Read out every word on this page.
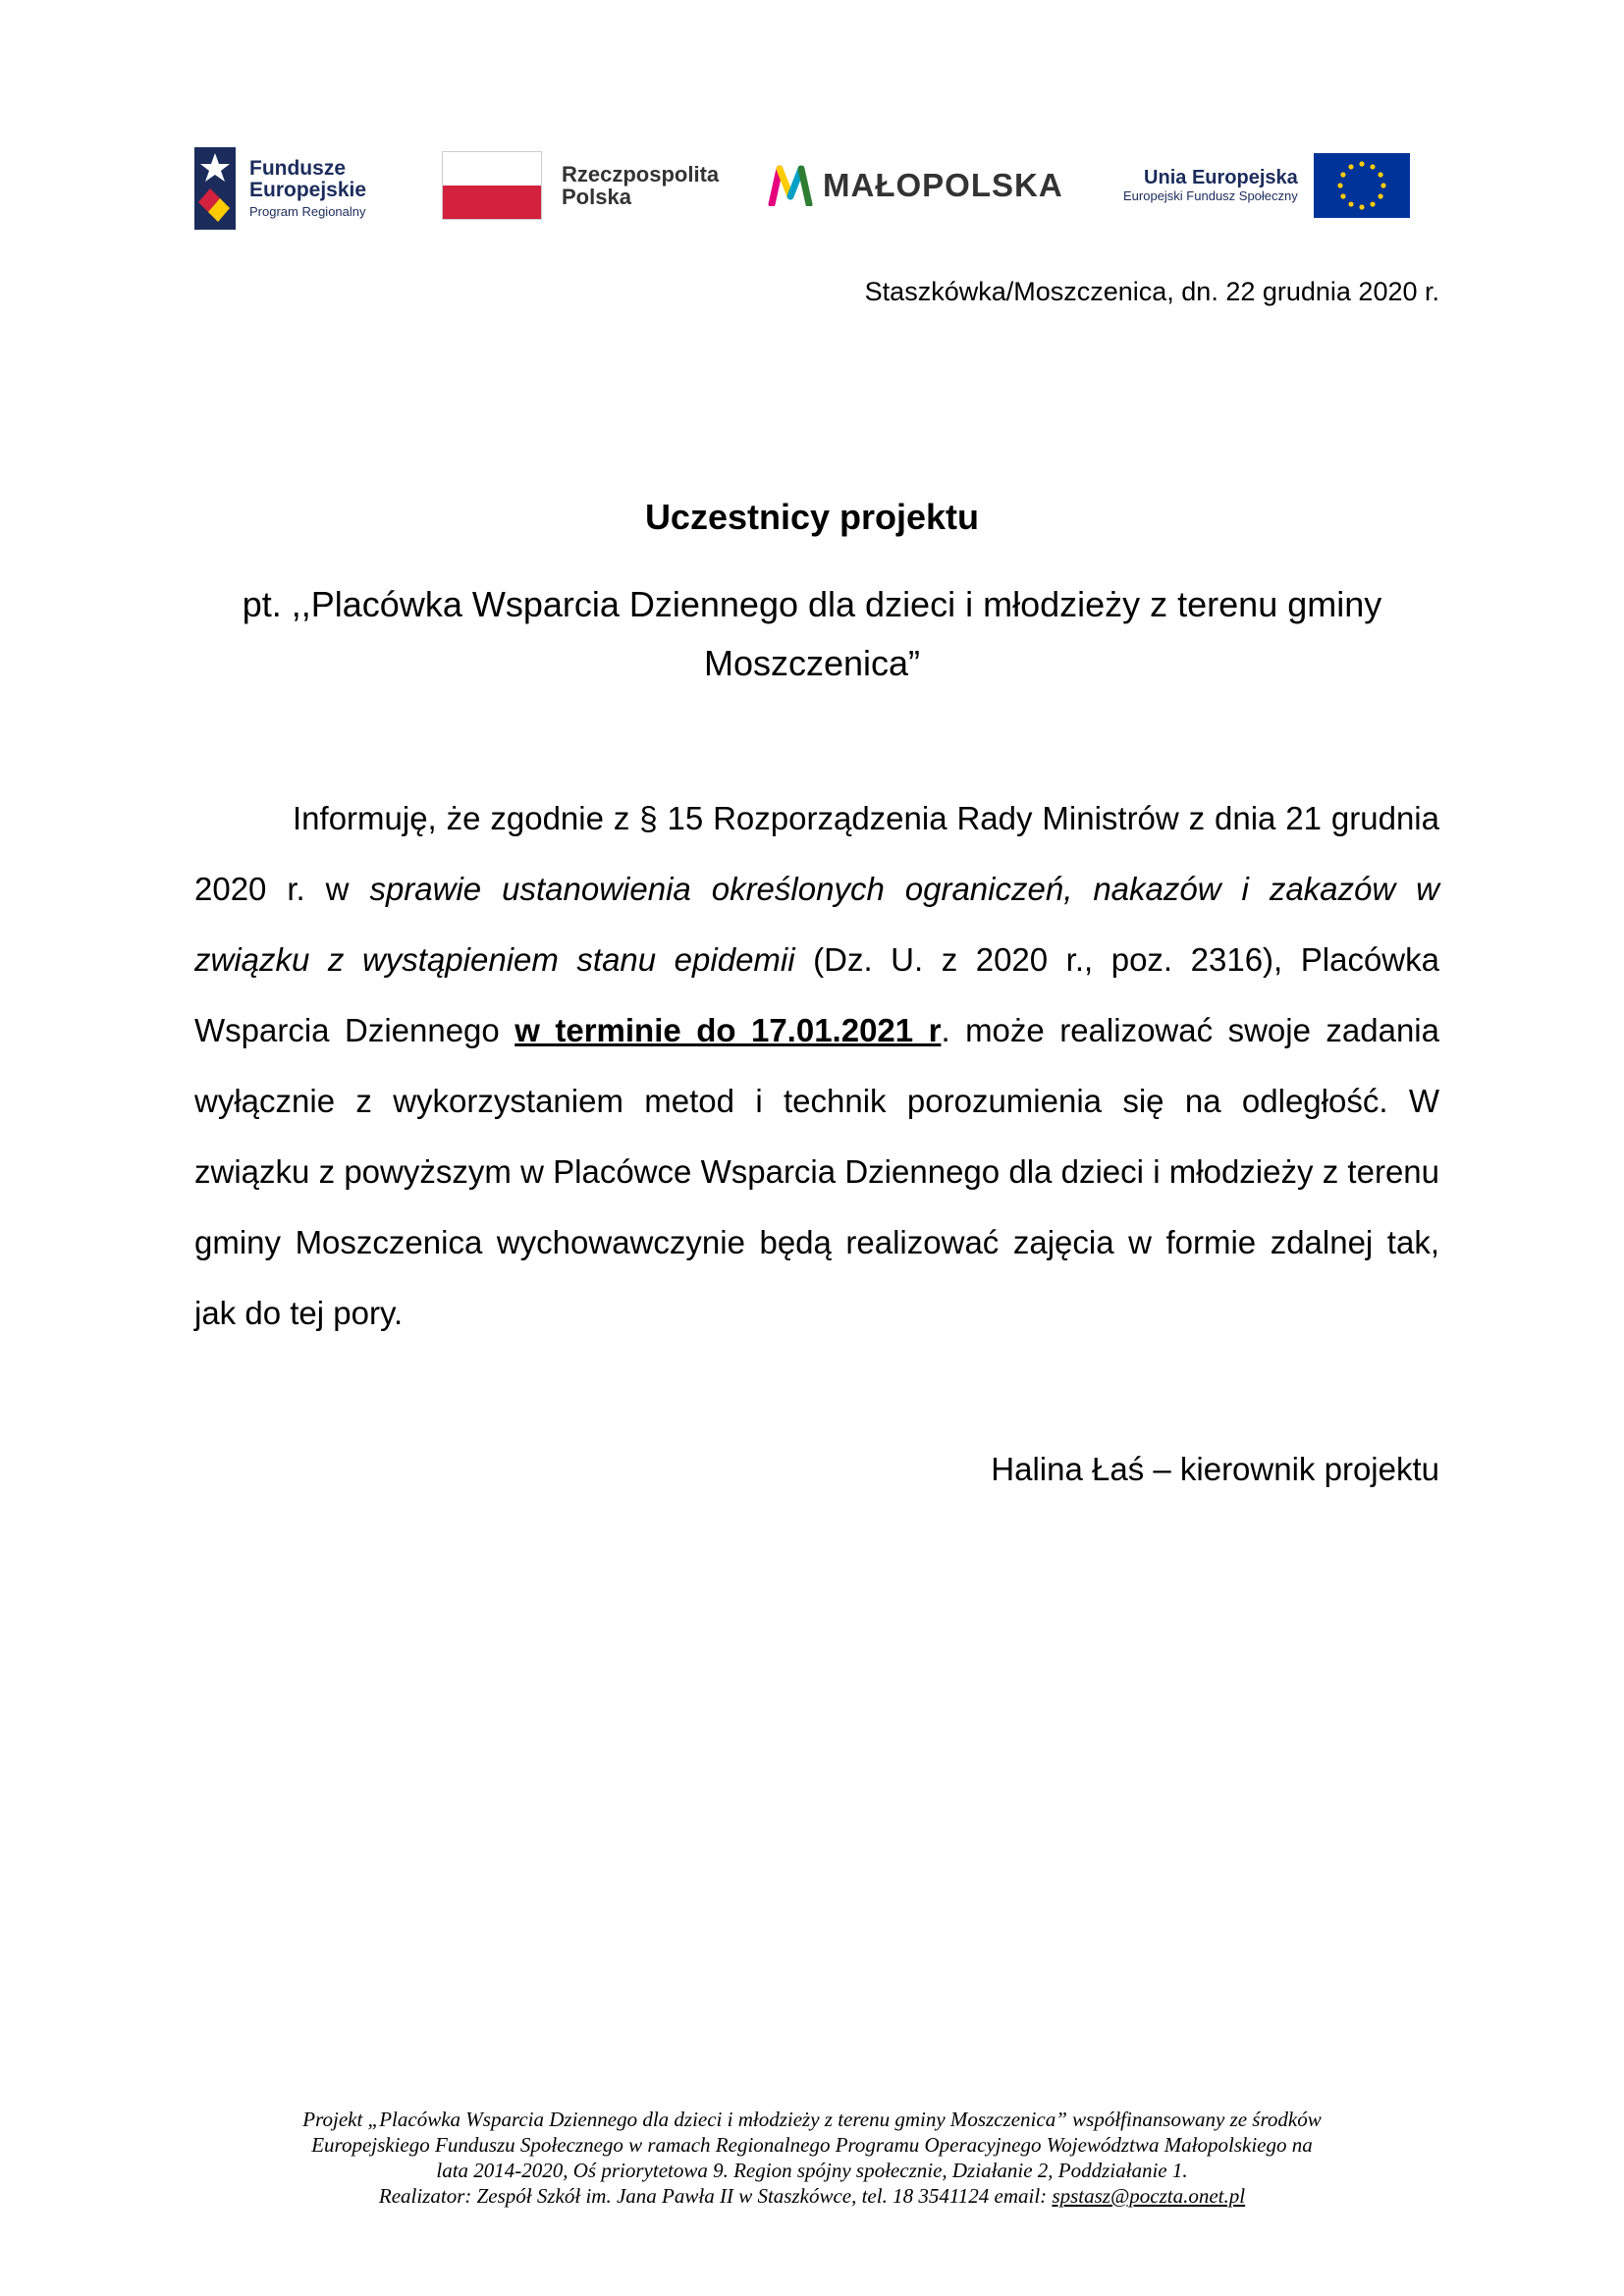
Fundusze
Europejskie
Program Regionalny
Rzeczpospolita
Polska	MAŁOPOLSKA	Unia Europejska
Europejski Fundusz Społeczny
Staszkówka/Moszczenica, dn. 22 grudnia 2020 r.
Uczestnicy projektu
pt. ,,Placówka Wsparcia Dziennego dla dzieci i młodzieży z terenu gminy Moszczenica”

Informuję, że zgodnie z § 15 Rozporządzenia Rady Ministrów z dnia 21 grudnia 2020 r. w sprawie ustanowienia określonych ograniczeń, nakazów i zakazów w związku z wystąpieniem stanu epidemii (Dz. U. z 2020 r., poz. 2316), Placówka Wsparcia Dziennego w terminie do 17.01.2021 r. może realizować swoje zadania wyłącznie z wykorzystaniem metod i technik porozumienia się na odległość. W związku z powyższym w Placówce Wsparcia Dziennego dla dzieci i młodzieży z terenu gminy Moszczenica wychowawczynie będą realizować zajęcia w formie zdalnej tak, jak do tej pory.

Halina Łaś – kierownik projektu
Projekt „Placówka Wsparcia Dziennego dla dzieci i młodzieży z terenu gminy Moszczenica” współfinansowany ze środków
Europejskiego Funduszu Społecznego w ramach Regionalnego Programu Operacyjnego Województwa Małopolskiego na
lata 2014-2020, Oś priorytetowa 9. Region spójny społecznie, Działanie 2, Poddziałanie 1.
Realizator: Zespół Szkół im. Jana Pawła II w Staszkówce, tel. 18 3541124 email: spstasz@poczta.onet.pl
